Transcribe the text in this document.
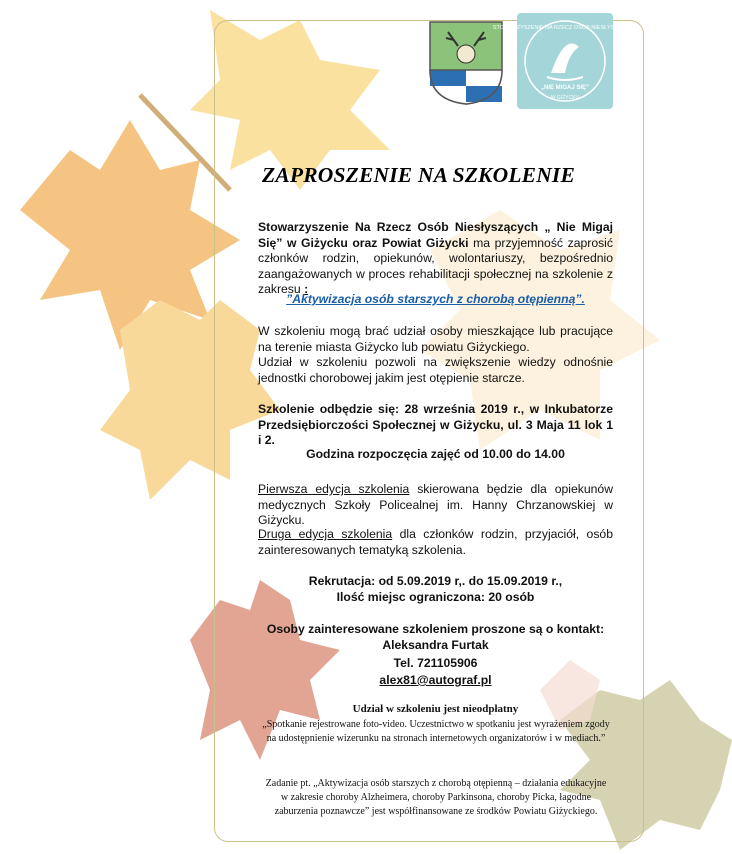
STOWARZYSZENIE NA RZECZ OSÓB NIESŁYSZĄCYCH
„NIE MIGAJ SIĘ”
W GIŻYCKU
ZAPROSZENIE NA SZKOLENIE
Stowarzyszenie Na Rzecz Osób Niesłyszących „ Nie Migaj Się” w Giżycku oraz Powiat Giżycki ma przyjemność zaprosić członków rodzin, opiekunów, wolontariuszy, bezpośrednio zaangażowanych w proces rehabilitacji społecznej na szkolenie z zakresu :
”Aktywizacja osób starszych z chorobą otępienną”.
W szkoleniu mogą brać udział osoby mieszkające lub pracujące na terenie miasta Giżycko lub powiatu Giżyckiego.
Udział w szkoleniu pozwoli na zwiększenie wiedzy odnośnie jednostki chorobowej jakim jest otępienie starcze.
Szkolenie odbędzie się: 28 września 2019 r., w Inkubatorze Przedsiębiorczości Społecznej w Giżycku, ul. 3 Maja 11 lok 1 i 2.
Godzina rozpoczęcia zajęć od 10.00 do 14.00
Pierwsza edycja szkolenia skierowana będzie dla opiekunów medycznych Szkoły Policealnej im. Hanny Chrzanowskiej w Giżycku.
Druga edycja szkolenia dla członków rodzin, przyjaciół, osób zainteresowanych tematyką szkolenia.
Rekrutacja: od 5.09.2019 r,. do 15.09.2019 r.,
Ilość miejsc ograniczona: 20 osób
Osoby zainteresowane szkoleniem proszone są o kontakt:
Aleksandra Furtak
Tel. 721105906
alex81@autograf.pl
Udział w szkoleniu jest nieodpłatny
„Spotkanie rejestrowane foto-video. Uczestnictwo w spotkaniu jest wyrażeniem zgody na udostępnienie wizerunku na stronach internetowych organizatorów i w mediach.”
Zadanie pt. „Aktywizacja osób starszych z chorobą otępienną – działania edukacyjne w zakresie choroby Alzheimera, choroby Parkinsona, choroby Picka, łagodne zaburzenia poznawcze” jest współfinansowane ze środków Powiatu Giżyckiego.
